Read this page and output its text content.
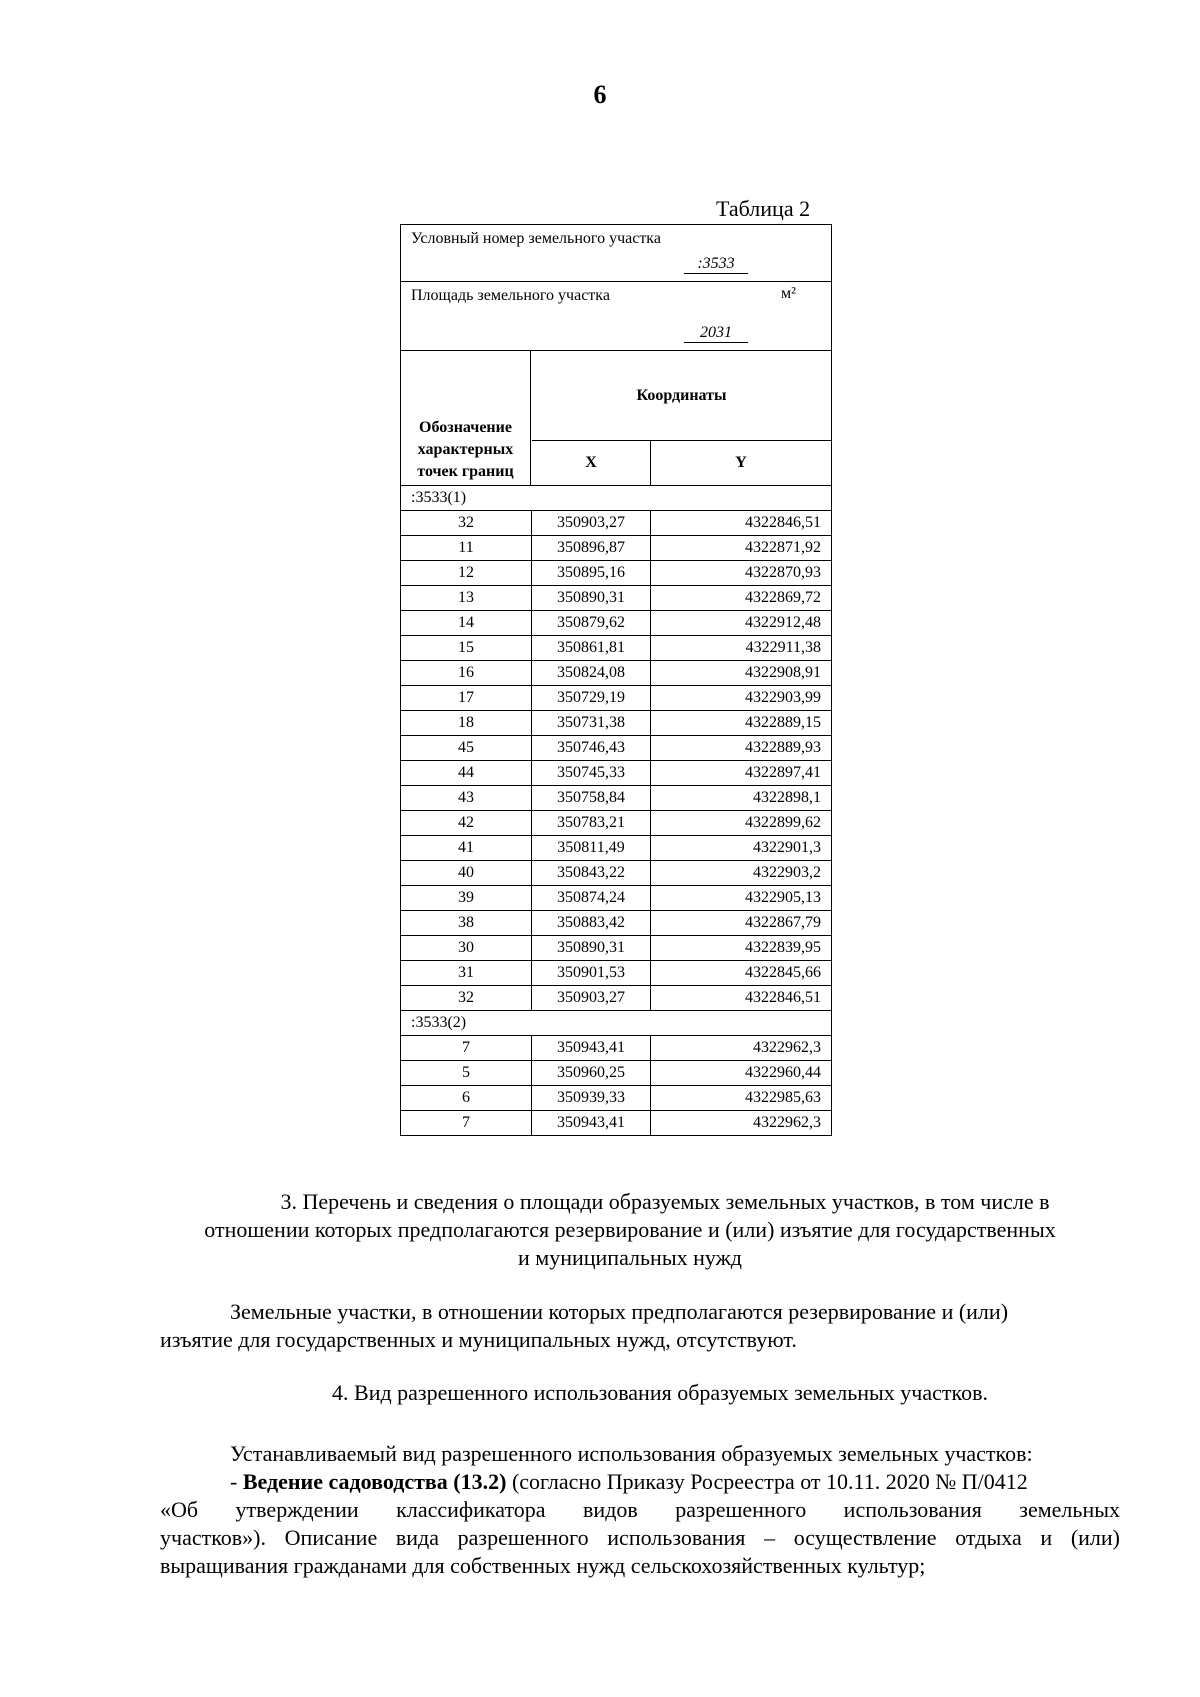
6
Таблица 2
Условный номер земельного участка
:3533
Площадь земельного участка	м²
2031
Обозначение характерных точек границ
Координаты
X	Y
:3533(1)		
32	350903,27	4322846,51
11	350896,87	4322871,92
12	350895,16	4322870,93
13	350890,31	4322869,72
14	350879,62	4322912,48
15	350861,81	4322911,38
16	350824,08	4322908,91
17	350729,19	4322903,99
18	350731,38	4322889,15
45	350746,43	4322889,93
44	350745,33	4322897,41
43	350758,84	4322898,1
42	350783,21	4322899,62
41	350811,49	4322901,3
40	350843,22	4322903,2
39	350874,24	4322905,13
38	350883,42	4322867,79
30	350890,31	4322839,95
31	350901,53	4322845,66
32	350903,27	4322846,51
:3533(2)		
7	350943,41	4322962,3
5	350960,25	4322960,44
6	350939,33	4322985,63
7	350943,41	4322962,3
3. Перечень и сведения о площади образуемых земельных участков, в том числе в
отношении которых предполагаются резервирование и (или) изъятие для государственных
и муниципальных нужд
Земельные участки, в отношении которых предполагаются резервирование и (или)
изъятие для государственных и муниципальных нужд, отсутствуют.
4. Вид разрешенного использования образуемых земельных участков.
Устанавливаемый вид разрешенного использования образуемых земельных участков:
- Ведение садоводства (13.2) (согласно Приказу Росреестра от 10.11. 2020 № П/0412
«Об утверждении классификатора видов разрешенного использования земельных
участков»). Описание вида разрешенного использования – осуществление отдыха и (или)
выращивания гражданами для собственных нужд сельскохозяйственных культур;
